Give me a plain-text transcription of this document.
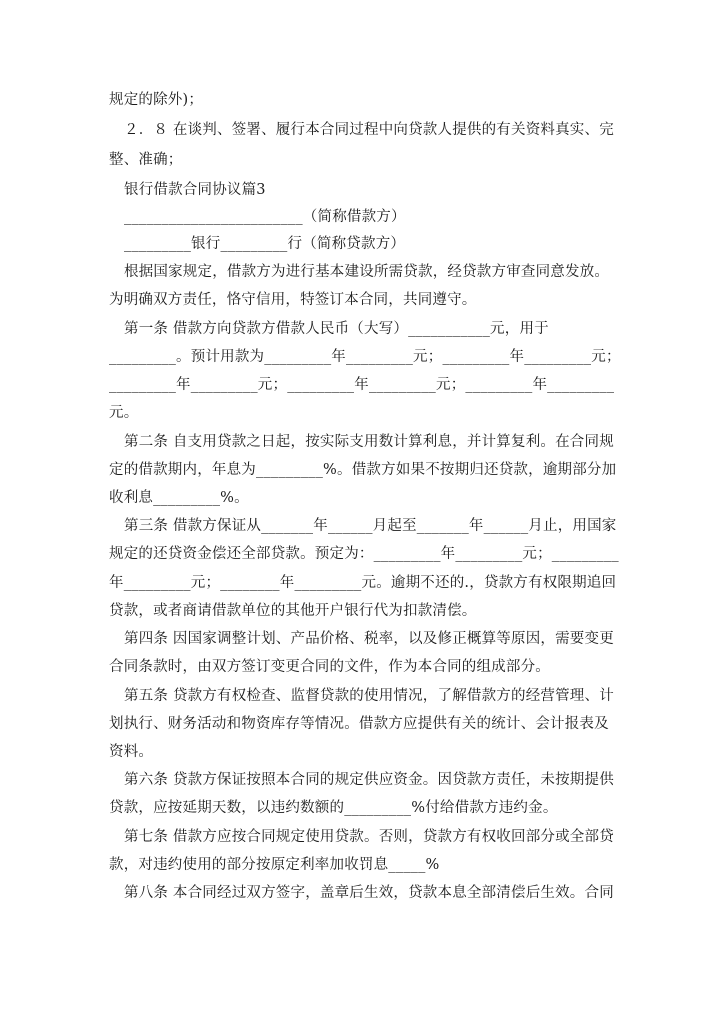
规定的除外)；
２．８ 在谈判、签署、履行本合同过程中向贷款人提供的有关资料真实、完
整、准确；
银行借款合同协议篇3
________________________（简称借款方）
_________银行_________行（简称贷款方）
根据国家规定，借款方为进行基本建设所需贷款，经贷款方审查同意发放。
为明确双方责任，恪守信用，特签订本合同，共同遵守。
第一条 借款方向贷款方借款人民币（大写）___________元，用于
_________。预计用款为_________年_________元；_________年_________元；
_________年_________元；_________年_________元；_________年_________
元。
第二条 自支用贷款之日起，按实际支用数计算利息，并计算复利。在合同规
定的借款期内，年息为_________%。借款方如果不按期归还贷款，逾期部分加
收利息_________%。
第三条 借款方保证从_______年______月起至_______年______月止，用国家
规定的还贷资金偿还全部贷款。预定为：_________年_________元；_________
年_________元；________年_________元。逾期不还的.，贷款方有权限期追回
贷款，或者商请借款单位的其他开户银行代为扣款清偿。
第四条 因国家调整计划、产品价格、税率，以及修正概算等原因，需要变更
合同条款时，由双方签订变更合同的文件，作为本合同的组成部分。
第五条 贷款方有权检查、监督贷款的使用情况，了解借款方的经营管理、计
划执行、财务活动和物资库存等情况。借款方应提供有关的统计、会计报表及
资料。
第六条 贷款方保证按照本合同的规定供应资金。因贷款方责任，未按期提供
贷款，应按延期天数，以违约数额的_________%付给借款方违约金。
第七条 借款方应按合同规定使用贷款。否则，贷款方有权收回部分或全部贷
款，对违约使用的部分按原定利率加收罚息_____%
第八条 本合同经过双方签字，盖章后生效，贷款本息全部清偿后生效。合同
